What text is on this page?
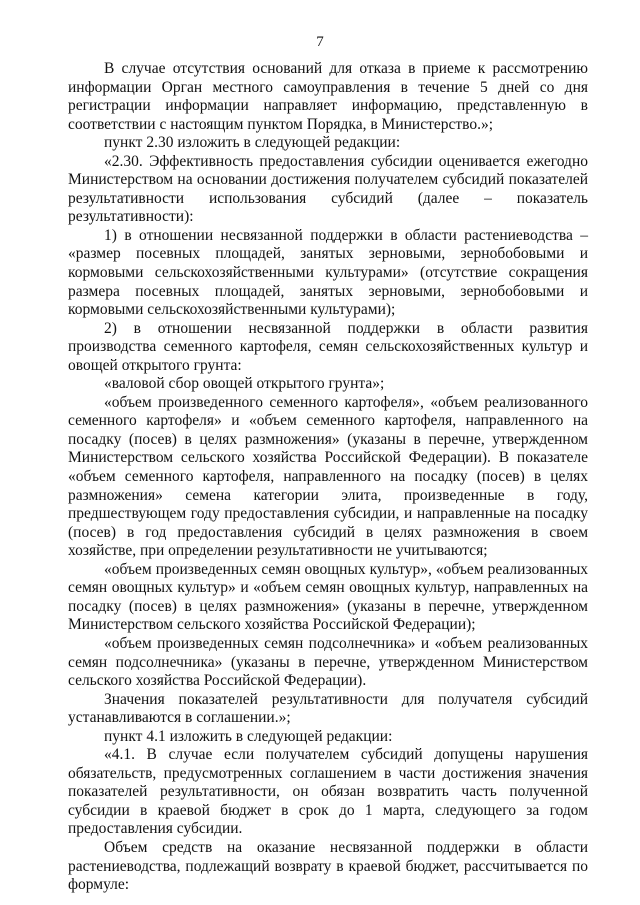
7

В случае отсутствия оснований для отказа в приеме к рассмотрению информации Орган местного самоуправления в течение 5 дней со дня регистрации информации направляет информацию, представленную в соответствии с настоящим пунктом Порядка, в Министерство.»;

пункт 2.30 изложить в следующей редакции:

«2.30. Эффективность предоставления субсидии оценивается ежегодно Министерством на основании достижения получателем субсидий показателей результативности использования субсидий (далее – показатель результативности):

1) в отношении несвязанной поддержки в области растениеводства – «размер посевных площадей, занятых зерновыми, зернобобовыми и кормовыми сельскохозяйственными культурами» (отсутствие сокращения размера посевных площадей, занятых зерновыми, зернобобовыми и кормовыми сельскохозяйственными культурами);

2) в отношении несвязанной поддержки в области развития производства семенного картофеля, семян сельскохозяйственных культур и овощей открытого грунта:

«валовой сбор овощей открытого грунта»;

«объем произведенного семенного картофеля», «объем реализованного семенного картофеля» и «объем семенного картофеля, направленного на посадку (посев) в целях размножения» (указаны в перечне, утвержденном Министерством сельского хозяйства Российской Федерации). В показателе «объем семенного картофеля, направленного на посадку (посев) в целях размножения» семена категории элита, произведенные в году, предшествующем году предоставления субсидии, и направленные на посадку (посев) в год предоставления субсидий в целях размножения в своем хозяйстве, при определении результативности не учитываются;

«объем произведенных семян овощных культур», «объем реализованных семян овощных культур» и «объем семян овощных культур, направленных на посадку (посев) в целях размножения» (указаны в перечне, утвержденном Министерством сельского хозяйства Российской Федерации);

«объем произведенных семян подсолнечника» и «объем реализованных семян подсолнечника» (указаны в перечне, утвержденном Министерством сельского хозяйства Российской Федерации).

Значения показателей результативности для получателя субсидий устанавливаются в соглашении.»;

пункт 4.1 изложить в следующей редакции:

«4.1. В случае если получателем субсидий допущены нарушения обязательств, предусмотренных соглашением в части достижения значения показателей результативности, он обязан возвратить часть полученной субсидии в краевой бюджет в срок до 1 марта, следующего за годом предоставления субсидии.

Объем средств на оказание несвязанной поддержки в области растениеводства, подлежащий возврату в краевой бюджет, рассчитывается по формуле:
